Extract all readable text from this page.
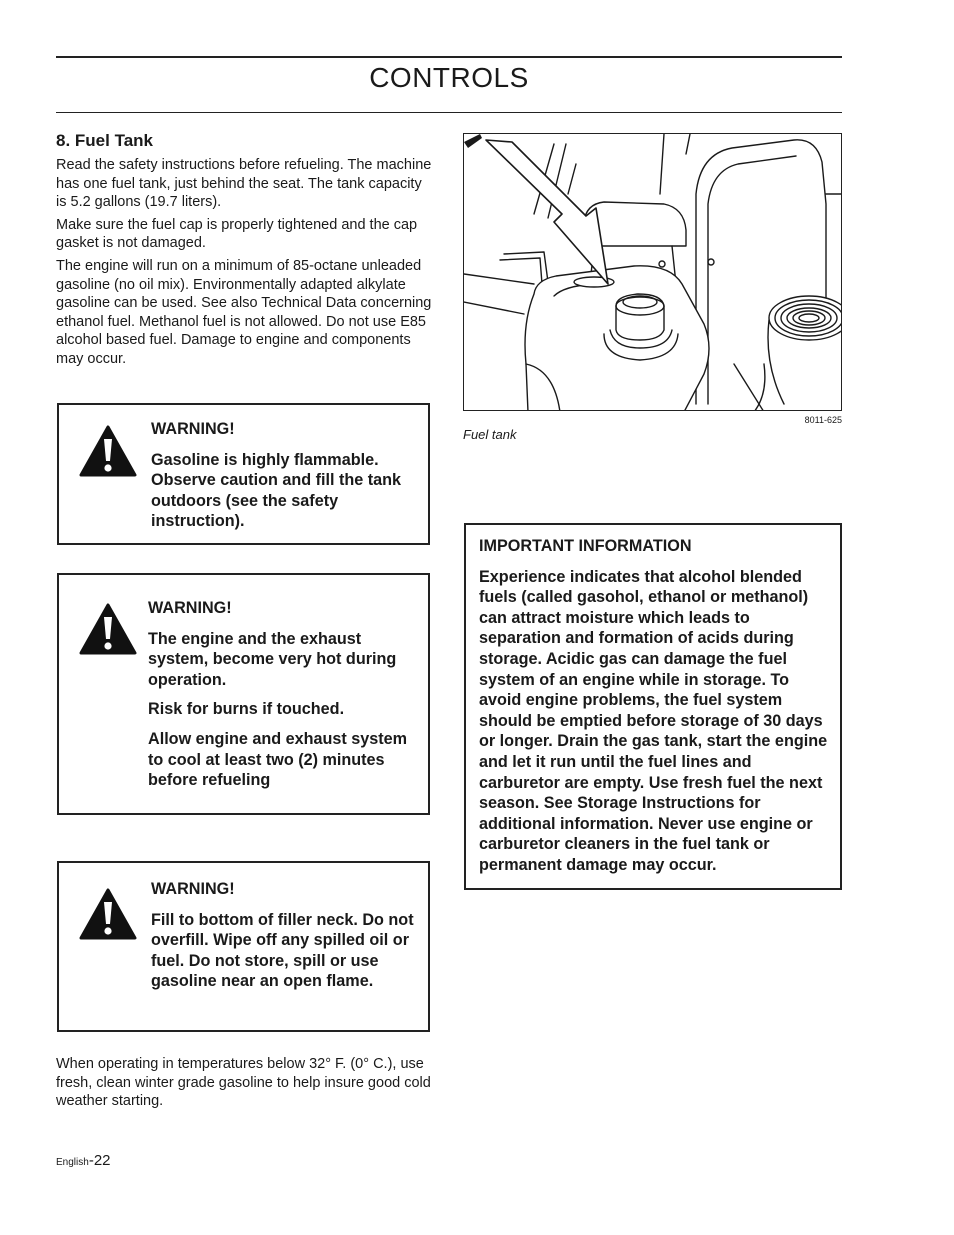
CONTROLS
8. Fuel Tank

Read the safety instructions before refueling. The machine has one fuel tank, just behind the seat. The tank capacity is 5.2 gallons (19.7 liters).

Make sure the fuel cap is properly tightened and the cap gasket is not damaged.

The engine will run on a minimum of 85-octane unleaded gasoline (no oil mix). Environmentally adapted alkylate gasoline can be used. See also Technical Data concerning ethanol fuel. Methanol fuel is not allowed. Do not use E85 alcohol based fuel. Damage to engine and components may occur.

WARNING!

Gasoline is highly flammable. Observe caution and fill the tank outdoors (see the safety instruction).

WARNING!

The engine and the exhaust system, become very hot during operation.

Risk for burns if touched.

Allow engine and exhaust system to cool at least two (2) minutes before refueling

WARNING!

Fill to bottom of filler neck. Do not overfill. Wipe off any spilled oil or fuel. Do not store, spill or use gasoline near an open flame.

8011-625
Fuel tank

IMPORTANT INFORMATION

Experience indicates that alcohol blended fuels (called gasohol, ethanol or methanol) can attract moisture which leads to separation and formation of acids during storage. Acidic gas can damage the fuel system of an engine while in storage. To avoid engine problems, the fuel system should be emptied before storage of 30 days or longer. Drain the gas tank, start the engine and let it run until the fuel lines and carburetor are empty. Use fresh fuel the next season. See Storage Instructions for additional information. Never use engine or carburetor cleaners in the fuel tank or permanent damage may occur.

When operating in temperatures below 32° F. (0° C.), use fresh, clean winter grade gasoline to help insure good cold weather starting.

English-22
